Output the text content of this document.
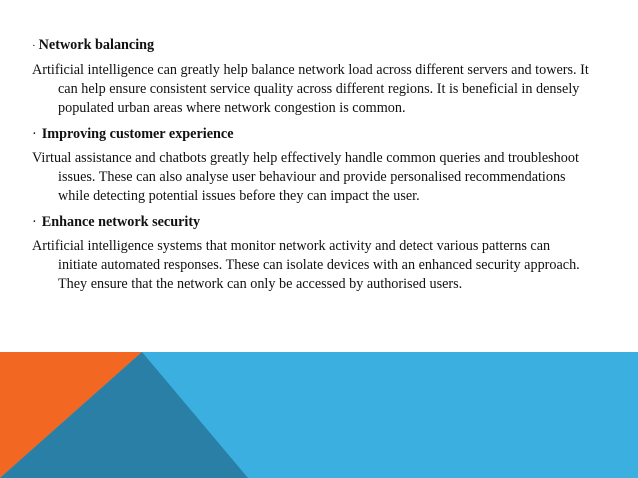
· Network balancing

Artificial intelligence can greatly help balance network load across different servers and towers. It can help ensure consistent service quality across different regions. It is beneficial in densely populated urban areas where network congestion is common.

· Improving customer experience

Virtual assistance and chatbots greatly help effectively handle common queries and troubleshoot issues. These can also analyse user behaviour and provide personalised recommendations while detecting potential issues before they can impact the user.

· Enhance network security

Artificial intelligence systems that monitor network activity and detect various patterns can initiate automated responses. These can isolate devices with an enhanced security approach. They ensure that the network can only be accessed by authorised users.
